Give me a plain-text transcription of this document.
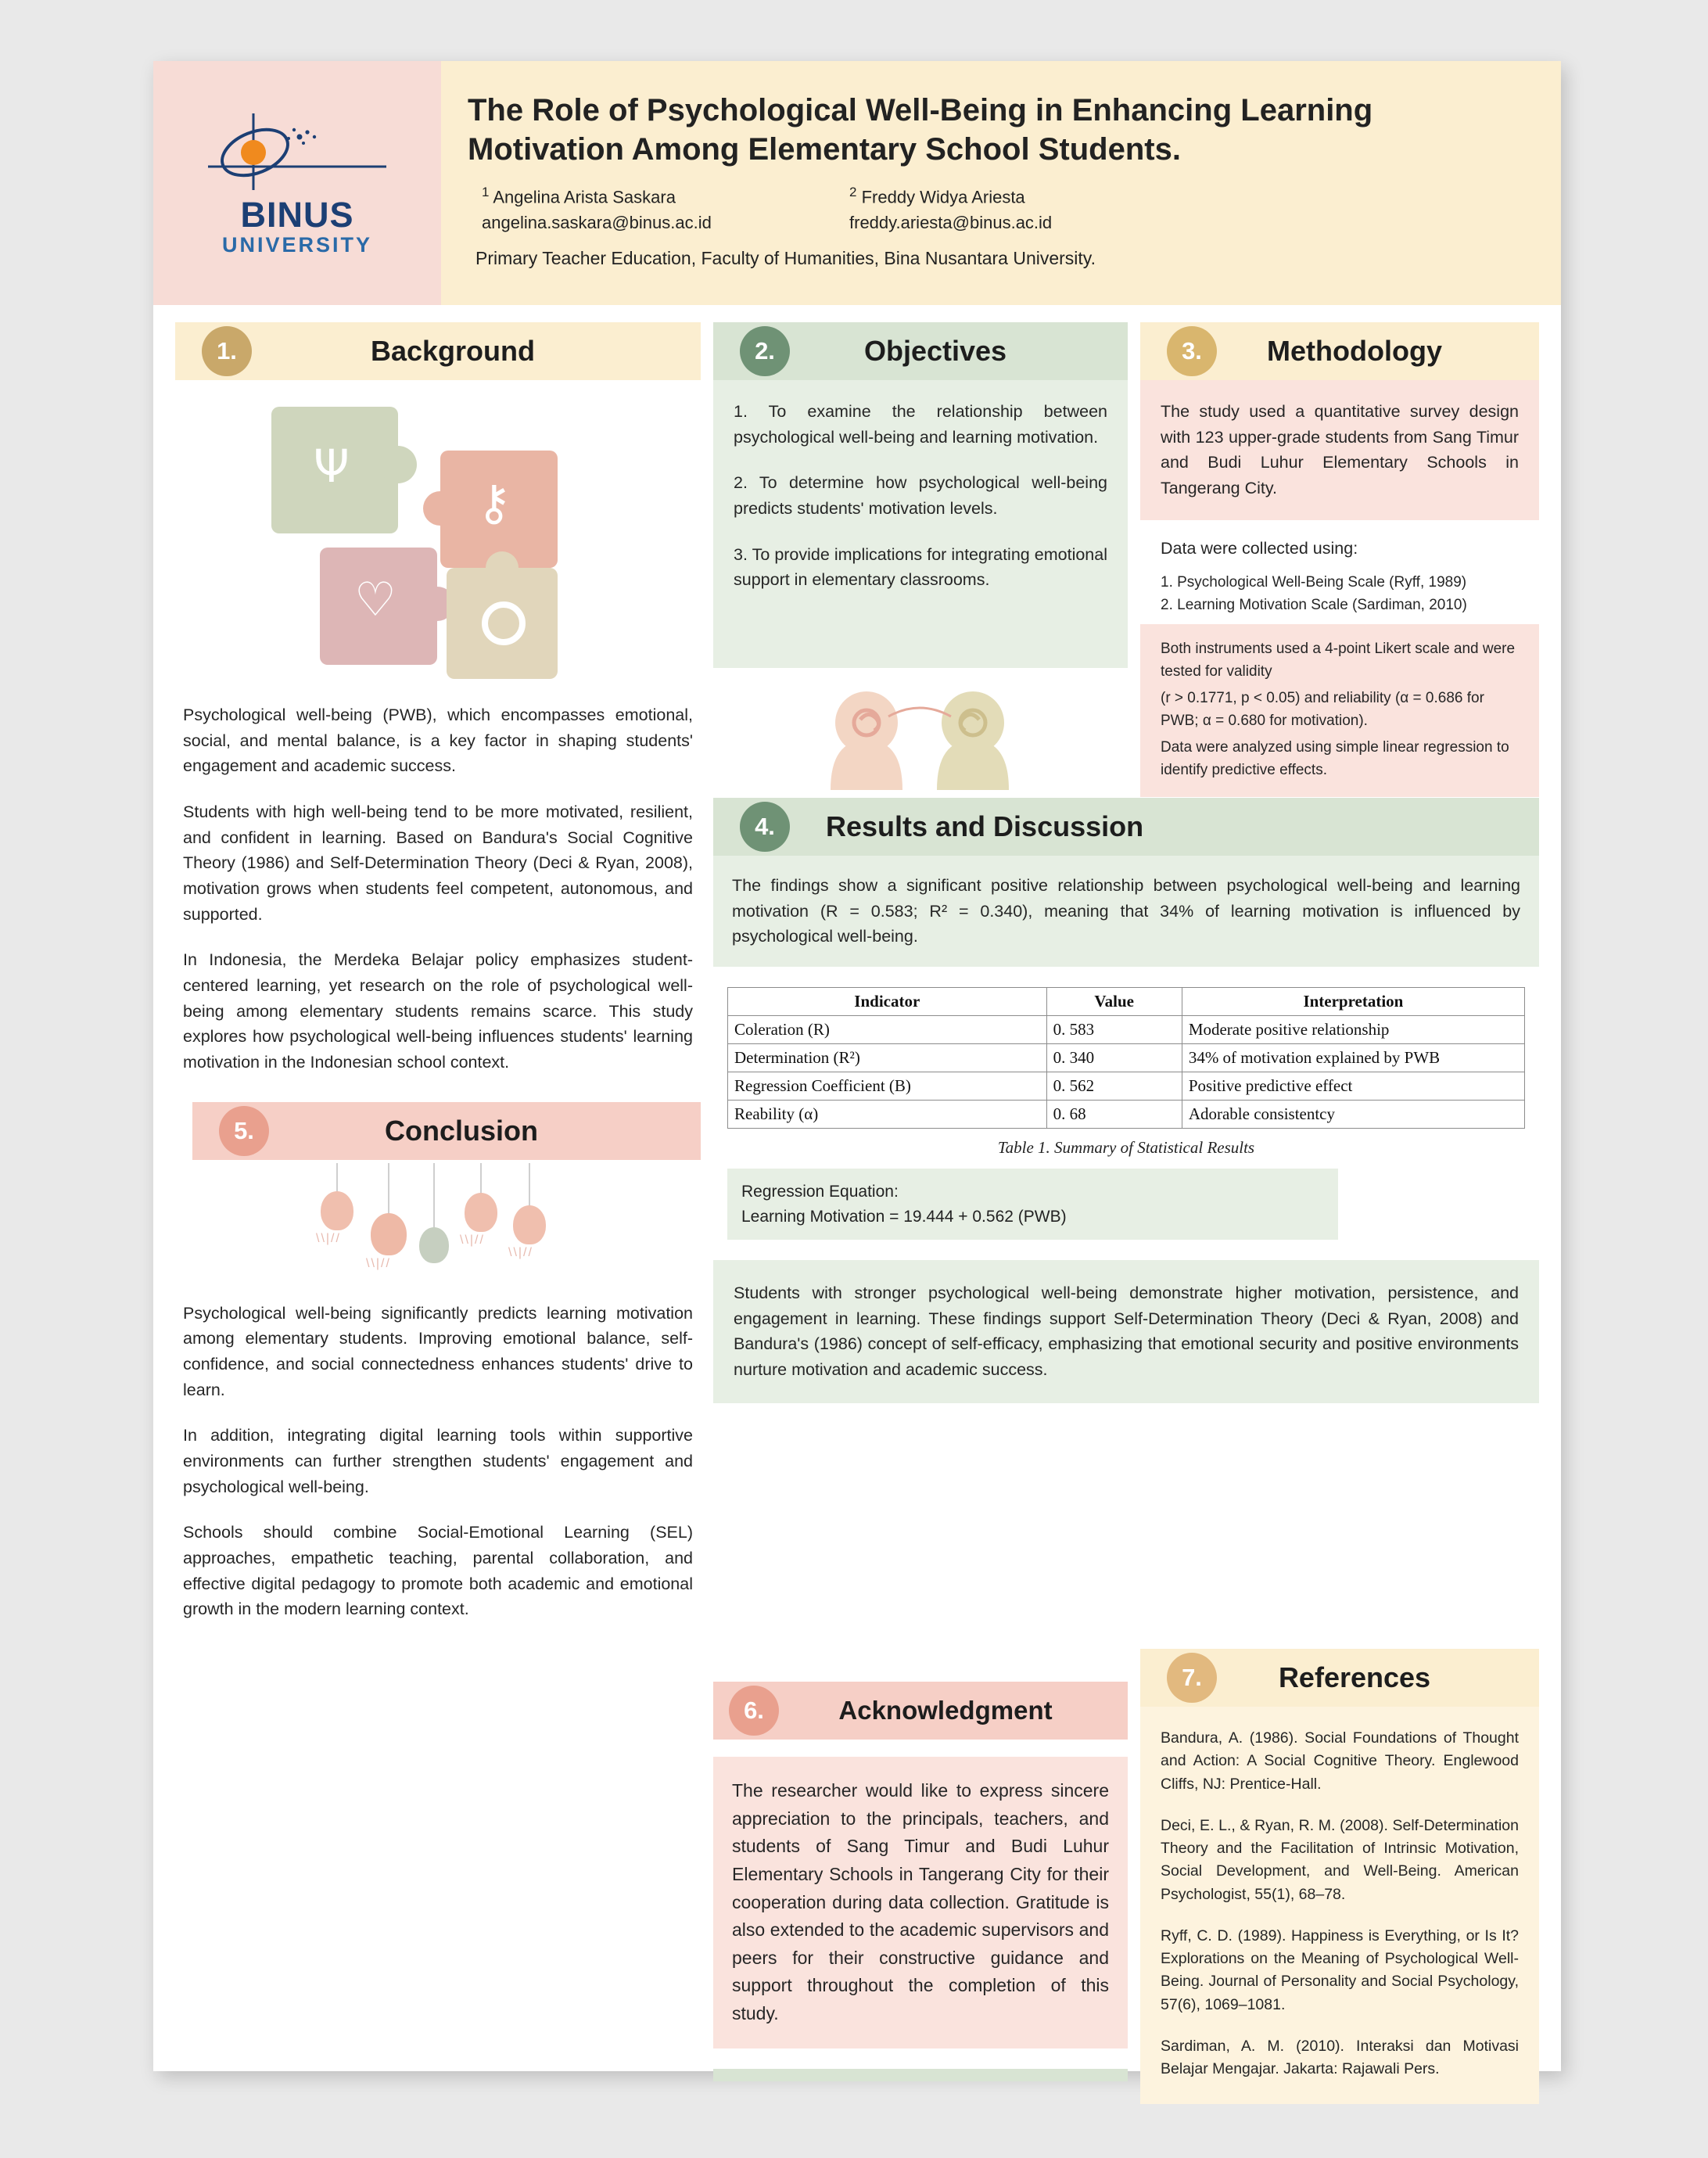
BINUS
UNIVERSITY
The Role of Psychological Well-Being in Enhancing Learning Motivation Among Elementary School Students.
$^1$ Angelina Arista Saskara
angelina.saskara@binus.ac.id
$^2$ Freddy Widya Ariesta
freddy.ariesta@binus.ac.id
Primary Teacher Education, Faculty of Humanities, Bina Nusantara University.
1.	Background
Ψ
⚷
♡

Psychological well-being (PWB), which encompasses emotional, social, and mental balance, is a key factor in shaping students' engagement and academic success.

Students with high well-being tend to be more motivated, resilient, and confident in learning. Based on Bandura's Social Cognitive Theory (1986) and Self-Determination Theory (Deci & Ryan, 2008), motivation grows when students feel competent, autonomous, and supported.

In Indonesia, the Merdeka Belajar policy emphasizes student-centered learning, yet research on the role of psychological well-being among elementary students remains scarce. This study explores how psychological well-being influences students' learning motivation in the Indonesian school context.

5.	Conclusion
\\|//
\\|//
\\|//
\\|//

Psychological well-being significantly predicts learning motivation among elementary students. Improving emotional balance, self-confidence, and social connectedness enhances students' drive to learn.

In addition, integrating digital learning tools within supportive environments can further strengthen students' engagement and psychological well-being.

Schools should combine Social-Emotional Learning (SEL) approaches, empathetic teaching, parental collaboration, and effective digital pedagogy to promote both academic and emotional growth in the modern learning context.

2.	Objectives

1. To examine the relationship between psychological well-being and learning motivation.

2. To determine how psychological well-being predicts students' motivation levels.

3. To provide implications for integrating emotional support in elementary classrooms.

3.	Methodology

The study used a quantitative survey design with 123 upper-grade students from Sang Timur and Budi Luhur Elementary Schools in Tangerang City.

Data were collected using:

1. Psychological Well-Being Scale (Ryff, 1989)

2. Learning Motivation Scale (Sardiman, 2010)

Both instruments used a 4-point Likert scale and were tested for validity

(r > 0.1771, p < 0.05) and reliability (α = 0.686 for PWB; α = 0.680 for motivation).

Data were analyzed using simple linear regression to identify predictive effects.

4.	Results and Discussion

The findings show a significant positive relationship between psychological well-being and learning motivation (R = 0.583; R² = 0.340), meaning that 34% of learning motivation is influenced by psychological well-being.

Indicator	Value	Interpretation
Coleration (R)	0. 583	Moderate positive relationship
Determination (R²)	0. 340	34% of motivation explained by PWB
Regression Coefficient (B)	0. 562	Positive predictive effect
Reability (α)	0. 68	Adorable consistentcy
Table 1. Summary of Statistical Results
Regression Equation:
Learning Motivation = 19.444 + 0.562 (PWB)

Students with stronger psychological well-being demonstrate higher motivation, persistence, and engagement in learning. These findings support Self-Determination Theory (Deci & Ryan, 2008) and Bandura's (1986) concept of self-efficacy, emphasizing that emotional security and positive environments nurture motivation and academic success.

6.	Acknowledgment

The researcher would like to express sincere appreciation to the principals, teachers, and students of Sang Timur and Budi Luhur Elementary Schools in Tangerang City for their cooperation during data collection. Gratitude is also extended to the academic supervisors and peers for their constructive guidance and support throughout the completion of this study.

7.	References

Bandura, A. (1986). Social Foundations of Thought and Action: A Social Cognitive Theory. Englewood Cliffs, NJ: Prentice-Hall.

Deci, E. L., & Ryan, R. M. (2008). Self-Determination Theory and the Facilitation of Intrinsic Motivation, Social Development, and Well-Being. American Psychologist, 55(1), 68–78.

Ryff, C. D. (1989). Happiness is Everything, or Is It? Explorations on the Meaning of Psychological Well-Being. Journal of Personality and Social Psychology, 57(6), 1069–1081.

Sardiman, A. M. (2010). Interaksi dan Motivasi Belajar Mengajar. Jakarta: Rajawali Pers.
